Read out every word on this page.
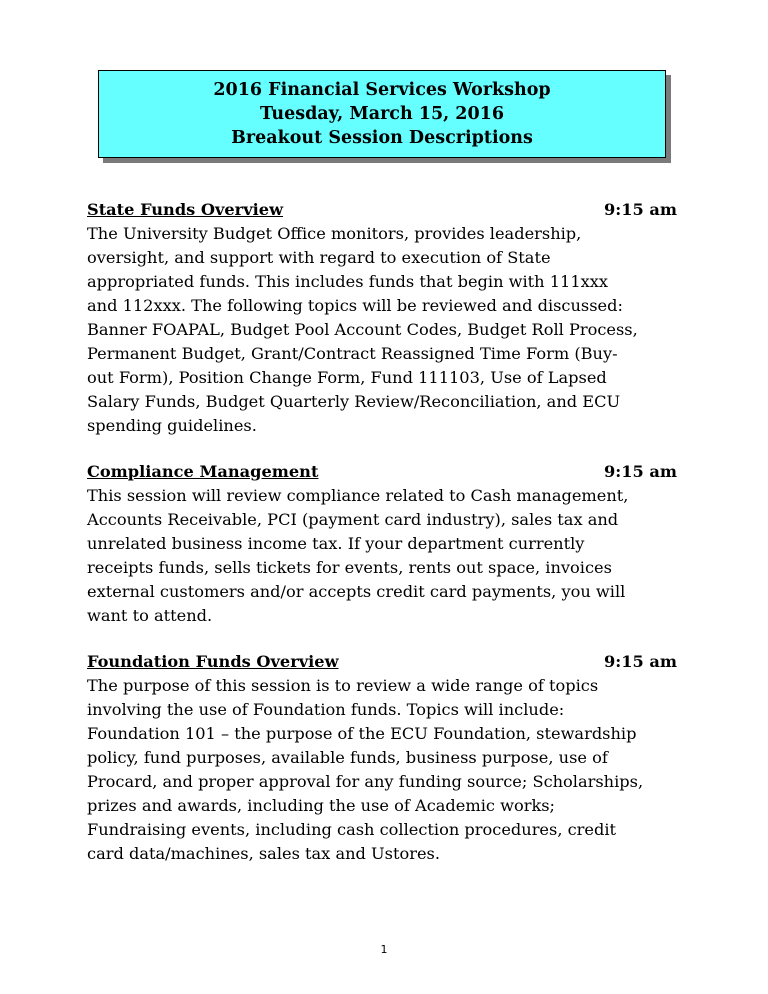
2016 Financial Services Workshop
Tuesday, March 15, 2016
Breakout Session Descriptions
State Funds Overview	9:15 am
The University Budget Office monitors, provides leadership,
oversight, and support with regard to execution of State
appropriated funds. This includes funds that begin with 111xxx
and 112xxx. The following topics will be reviewed and discussed:
Banner FOAPAL, Budget Pool Account Codes, Budget Roll Process,
Permanent Budget, Grant/Contract Reassigned Time Form (Buy-
out Form), Position Change Form, Fund 111103, Use of Lapsed
Salary Funds, Budget Quarterly Review/Reconciliation, and ECU
spending guidelines.
Compliance Management	9:15 am
This session will review compliance related to Cash management,
Accounts Receivable, PCI (payment card industry), sales tax and
unrelated business income tax. If your department currently
receipts funds, sells tickets for events, rents out space, invoices
external customers and/or accepts credit card payments, you will
want to attend.
Foundation Funds Overview	9:15 am
The purpose of this session is to review a wide range of topics
involving the use of Foundation funds. Topics will include:
Foundation 101 – the purpose of the ECU Foundation, stewardship
policy, fund purposes, available funds, business purpose, use of
Procard, and proper approval for any funding source; Scholarships,
prizes and awards, including the use of Academic works;
Fundraising events, including cash collection procedures, credit
card data/machines, sales tax and Ustores.
1
